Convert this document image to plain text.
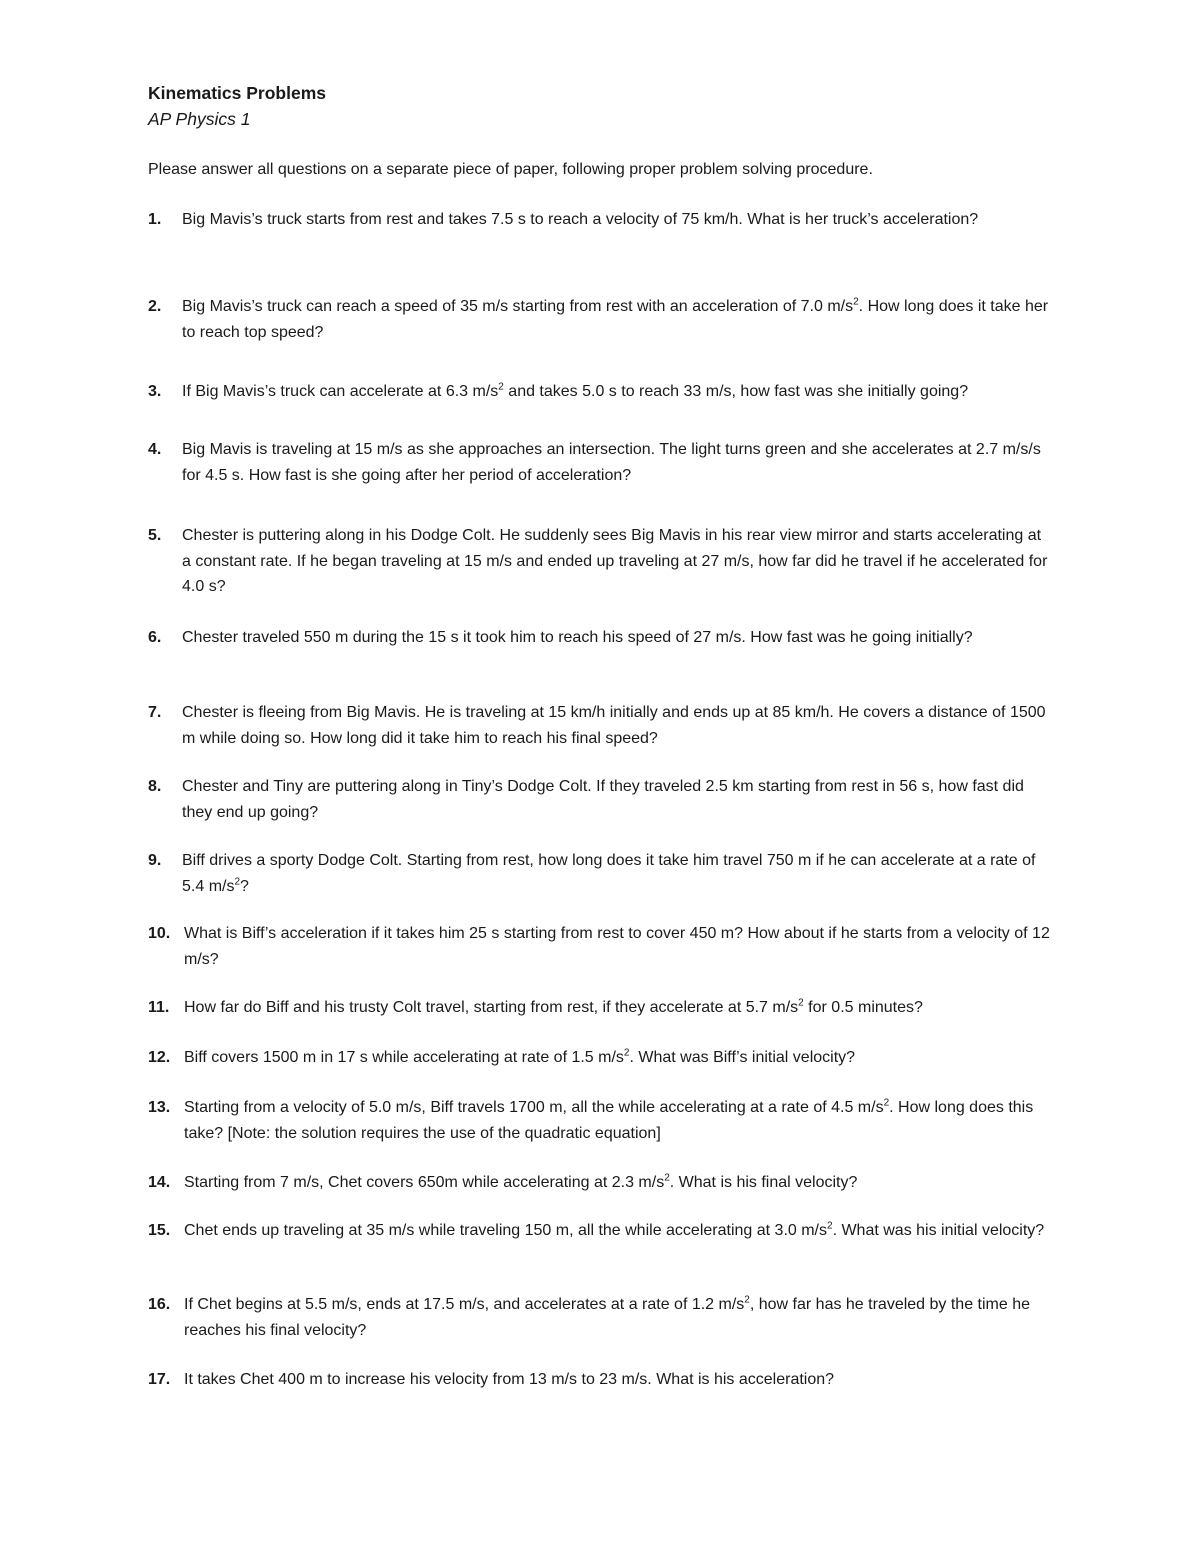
Kinematics Problems
AP Physics 1
Please answer all questions on a separate piece of paper, following proper problem solving procedure.
1. Big Mavis’s truck starts from rest and takes 7.5 s to reach a velocity of 75 km/h. What is her truck’s acceleration?
2. Big Mavis’s truck can reach a speed of 35 m/s starting from rest with an acceleration of 7.0 $m/s^2$. How long does it take her to reach top speed?
3. If Big Mavis’s truck can accelerate at 6.3 $m/s^2$ and takes 5.0 s to reach 33 m/s, how fast was she initially going?
4. Big Mavis is traveling at 15 m/s as she approaches an intersection. The light turns green and she accelerates at 2.7 m/s/s for 4.5 s. How fast is she going after her period of acceleration?
5. Chester is puttering along in his Dodge Colt. He suddenly sees Big Mavis in his rear view mirror and starts accelerating at a constant rate. If he began traveling at 15 m/s and ended up traveling at 27 m/s, how far did he travel if he accelerated for 4.0 s?
6. Chester traveled 550 m during the 15 s it took him to reach his speed of 27 m/s. How fast was he going initially?
7. Chester is fleeing from Big Mavis. He is traveling at 15 km/h initially and ends up at 85 km/h. He covers a distance of 1500 m while doing so. How long did it take him to reach his final speed?
8. Chester and Tiny are puttering along in Tiny’s Dodge Colt. If they traveled 2.5 km starting from rest in 56 s, how fast did they end up going?
9. Biff drives a sporty Dodge Colt. Starting from rest, how long does it take him travel 750 m if he can accelerate at a rate of 5.4 $m/s^2$?
10. What is Biff’s acceleration if it takes him 25 s starting from rest to cover 450 m? How about if he starts from a velocity of 12 m/s?
11. How far do Biff and his trusty Colt travel, starting from rest, if they accelerate at 5.7 $m/s^2$ for 0.5 minutes?
12. Biff covers 1500 m in 17 s while accelerating at rate of 1.5 $m/s^2$. What was Biff’s initial velocity?
13. Starting from a velocity of 5.0 m/s, Biff travels 1700 m, all the while accelerating at a rate of 4.5 $m/s^2$. How long does this take? [Note: the solution requires the use of the quadratic equation]
14. Starting from 7 m/s, Chet covers 650m while accelerating at 2.3 $m/s^2$. What is his final velocity?
15. Chet ends up traveling at 35 m/s while traveling 150 m, all the while accelerating at 3.0 $m/s^2$. What was his initial velocity?
16. If Chet begins at 5.5 m/s, ends at 17.5 m/s, and accelerates at a rate of 1.2 $m/s^2$, how far has he traveled by the time he reaches his final velocity?
17. It takes Chet 400 m to increase his velocity from 13 m/s to 23 m/s. What is his acceleration?
